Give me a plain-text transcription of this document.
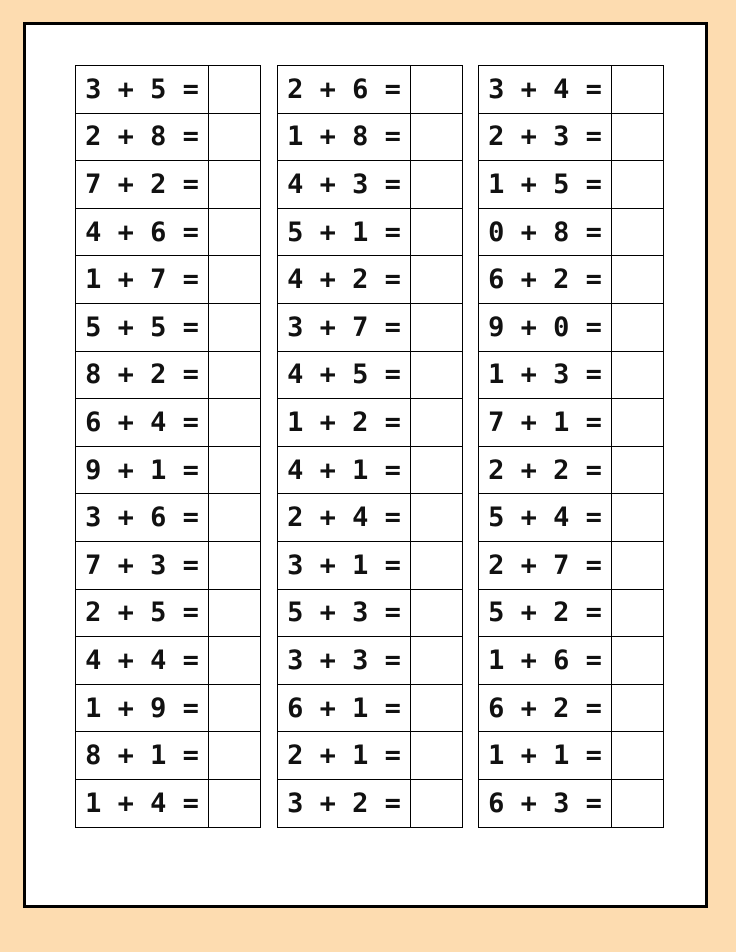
3 + 5 =	
2 + 8 =	
7 + 2 =	
4 + 6 =	
1 + 7 =	
5 + 5 =	
8 + 2 =	
6 + 4 =	
9 + 1 =	
3 + 6 =	
7 + 3 =	
2 + 5 =	
4 + 4 =	
1 + 9 =	
8 + 1 =	
1 + 4 =	
2 + 6 =	
1 + 8 =	
4 + 3 =	
5 + 1 =	
4 + 2 =	
3 + 7 =	
4 + 5 =	
1 + 2 =	
4 + 1 =	
2 + 4 =	
3 + 1 =	
5 + 3 =	
3 + 3 =	
6 + 1 =	
2 + 1 =	
3 + 2 =	
3 + 4 =	
2 + 3 =	
1 + 5 =	
0 + 8 =	
6 + 2 =	
9 + 0 =	
1 + 3 =	
7 + 1 =	
2 + 2 =	
5 + 4 =	
2 + 7 =	
5 + 2 =	
1 + 6 =	
6 + 2 =	
1 + 1 =	
6 + 3 =	
